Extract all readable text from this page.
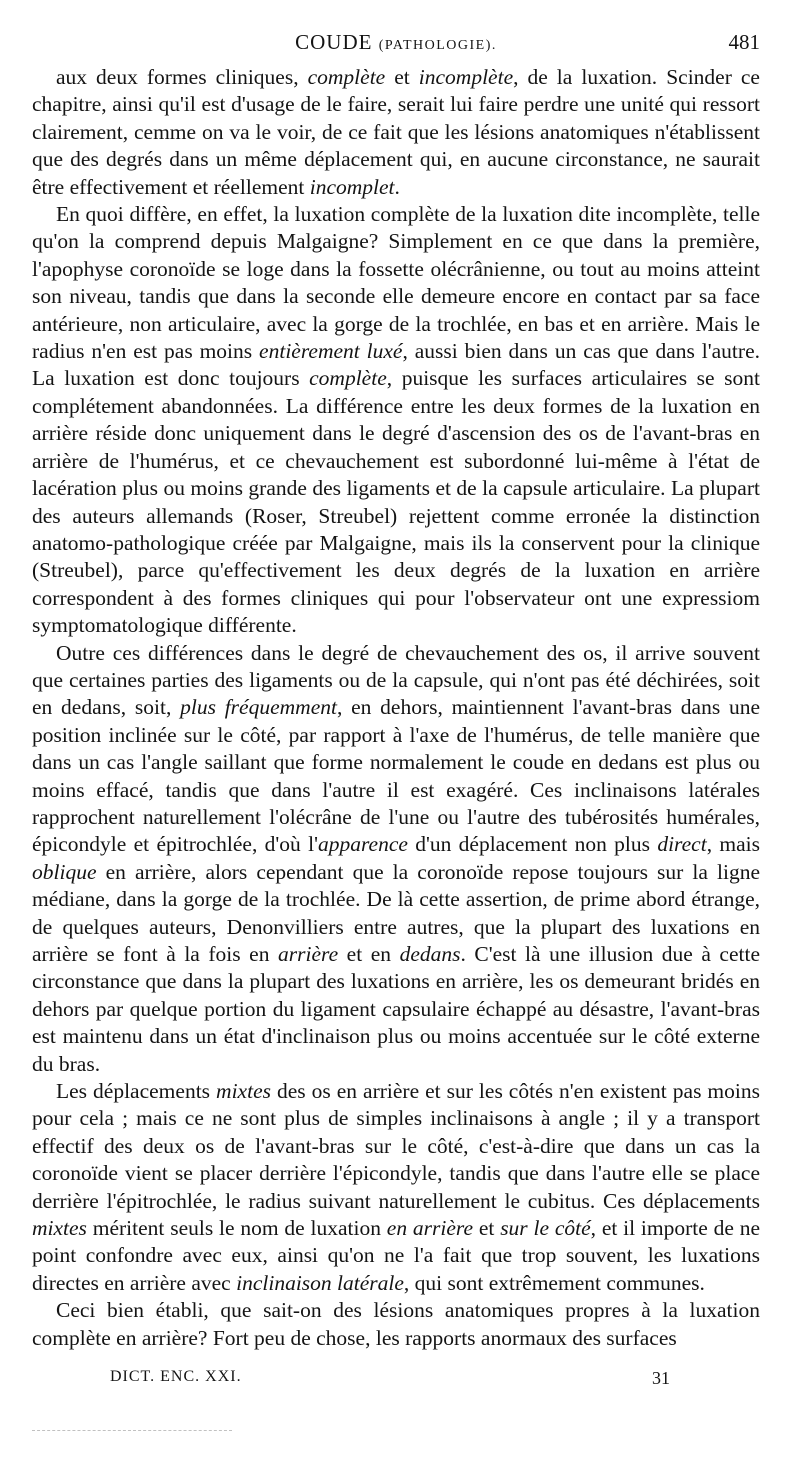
COUDE (PATHOLOGIE).	481

aux deux formes cliniques, complète et incomplète, de la luxation. Scinder ce chapitre, ainsi qu'il est d'usage de le faire, serait lui faire perdre une unité qui ressort clairement, cemme on va le voir, de ce fait que les lésions anatomiques n'établissent que des degrés dans un même déplacement qui, en aucune circonstance, ne saurait être effectivement et réellement incomplet.

En quoi diffère, en effet, la luxation complète de la luxation dite incomplète, telle qu'on la comprend depuis Malgaigne? Simplement en ce que dans la première, l'apophyse coronoïde se loge dans la fossette olécrânienne, ou tout au moins atteint son niveau, tandis que dans la seconde elle demeure encore en contact par sa face antérieure, non articulaire, avec la gorge de la trochlée, en bas et en arrière. Mais le radius n'en est pas moins entièrement luxé, aussi bien dans un cas que dans l'autre. La luxation est donc toujours complète, puisque les surfaces articulaires se sont complétement abandonnées. La différence entre les deux formes de la luxation en arrière réside donc uniquement dans le degré d'ascension des os de l'avant-bras en arrière de l'humérus, et ce chevauchement est subordonné lui-même à l'état de lacération plus ou moins grande des ligaments et de la capsule articulaire. La plupart des auteurs allemands (Roser, Streubel) rejettent comme erronée la distinction anatomo-pathologique créée par Malgaigne, mais ils la conservent pour la clinique (Streubel), parce qu'effectivement les deux degrés de la luxation en arrière correspondent à des formes cliniques qui pour l'observateur ont une expressiom symptomatologique différente.

Outre ces différences dans le degré de chevauchement des os, il arrive souvent que certaines parties des ligaments ou de la capsule, qui n'ont pas été déchirées, soit en dedans, soit, plus fréquemment, en dehors, maintiennent l'avant-bras dans une position inclinée sur le côté, par rapport à l'axe de l'humérus, de telle manière que dans un cas l'angle saillant que forme normalement le coude en dedans est plus ou moins effacé, tandis que dans l'autre il est exagéré. Ces inclinaisons latérales rapprochent naturellement l'olécrâne de l'une ou l'autre des tubérosités humérales, épicondyle et épitrochlée, d'où l'apparence d'un déplacement non plus direct, mais oblique en arrière, alors cependant que la coronoïde repose toujours sur la ligne médiane, dans la gorge de la trochlée. De là cette assertion, de prime abord étrange, de quelques auteurs, Denonvilliers entre autres, que la plupart des luxations en arrière se font à la fois en arrière et en dedans. C'est là une illusion due à cette circonstance que dans la plupart des luxations en arrière, les os demeurant bridés en dehors par quelque portion du ligament capsulaire échappé au désastre, l'avant-bras est maintenu dans un état d'inclinaison plus ou moins accentuée sur le côté externe du bras.

Les déplacements mixtes des os en arrière et sur les côtés n'en existent pas moins pour cela ; mais ce ne sont plus de simples inclinaisons à angle ; il y a transport effectif des deux os de l'avant-bras sur le côté, c'est-à-dire que dans un cas la coronoïde vient se placer derrière l'épicondyle, tandis que dans l'autre elle se place derrière l'épitrochlée, le radius suivant naturellement le cubitus. Ces déplacements mixtes méritent seuls le nom de luxation en arrière et sur le côté, et il importe de ne point confondre avec eux, ainsi qu'on ne l'a fait que trop souvent, les luxations directes en arrière avec inclinaison latérale, qui sont extrêmement communes.

Ceci bien établi, que sait-on des lésions anatomiques propres à la luxation complète en arrière? Fort peu de chose, les rapports anormaux des surfaces

DICT. ENC. XXI.	31
